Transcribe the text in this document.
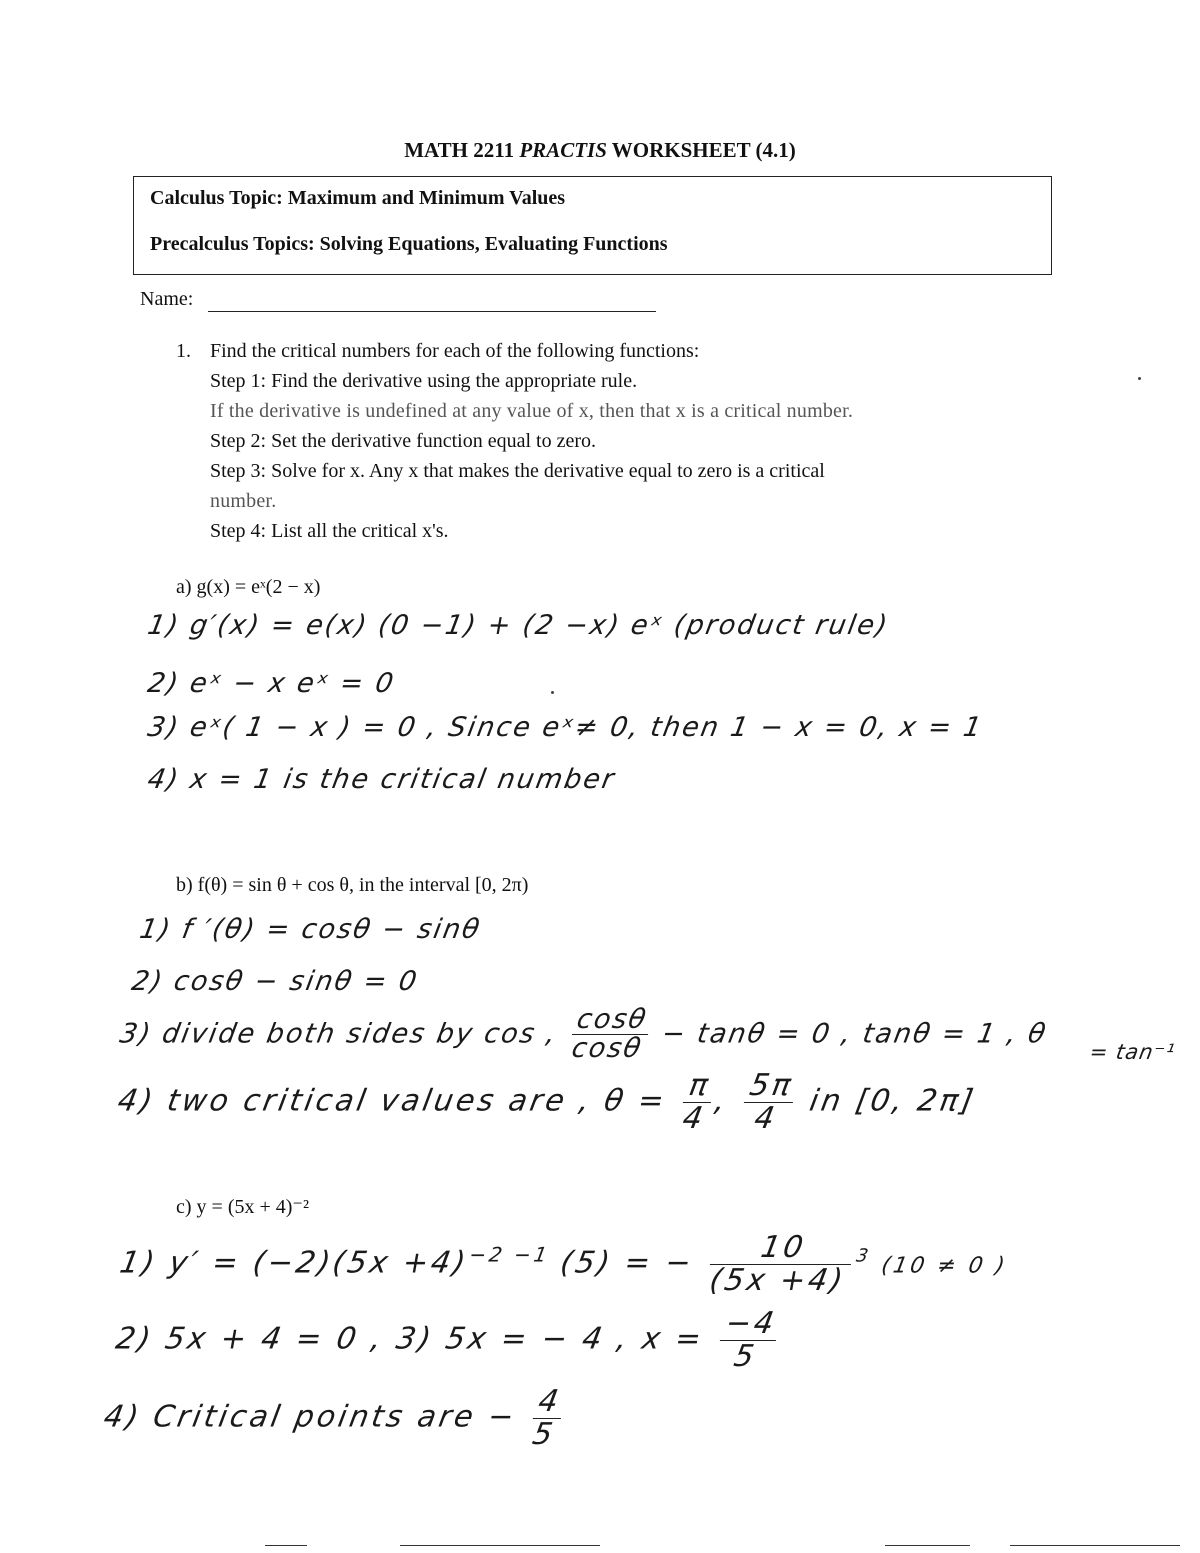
MATH 2211 PRACTIS WORKSHEET (4.1)
Calculus Topic: Maximum and Minimum Values
Precalculus Topics: Solving Equations, Evaluating Functions
Name:
1. Find the critical numbers for each of the following functions:
Step 1: Find the derivative using the appropriate rule.
If the derivative is undefined at any value of x, then that x is a critical number.
Step 2: Set the derivative function equal to zero.
Step 3: Solve for x. Any x that makes the derivative equal to zero is a critical
number.
Step 4: List all the critical x's.
a) g(x) = eˣ(2 − x)
1) g′(x) = e(x) (0 −1) + (2 −x) eˣ (product rule)
2) eˣ − x eˣ = 0
3) eˣ( 1 − x ) = 0 , Since eˣ≠ 0, then 1 − x = 0, x = 1
4) x = 1 is the critical number
b) f(θ) = sin θ + cos θ, in the interval [0, 2π)
1) f ′(θ) = cosθ − sinθ
2) cosθ − sinθ = 0
3) divide both sides by cos , $\frac{\cos\theta}{\cos\theta} - \tan\theta = 0$ , tanθ = 1 , θ
= tan⁻¹
4) two critical values are , $\theta = \frac{\pi}{4}$
,
$\frac{5\pi}{4}$ in [0, 2π]
c) y = (5x + 4)⁻²
1) $y' = (-2)(5x +4)^{-2 -1}$ (5) = − $\frac{10}{(5x +4)}$
$^3$ (10 ≠ 0 )
2) 5x + 4 = 0 , 3) 5x = − 4 , $x = \frac{-4}{5}$
4) Critical points are − $\frac{4}{5}$
